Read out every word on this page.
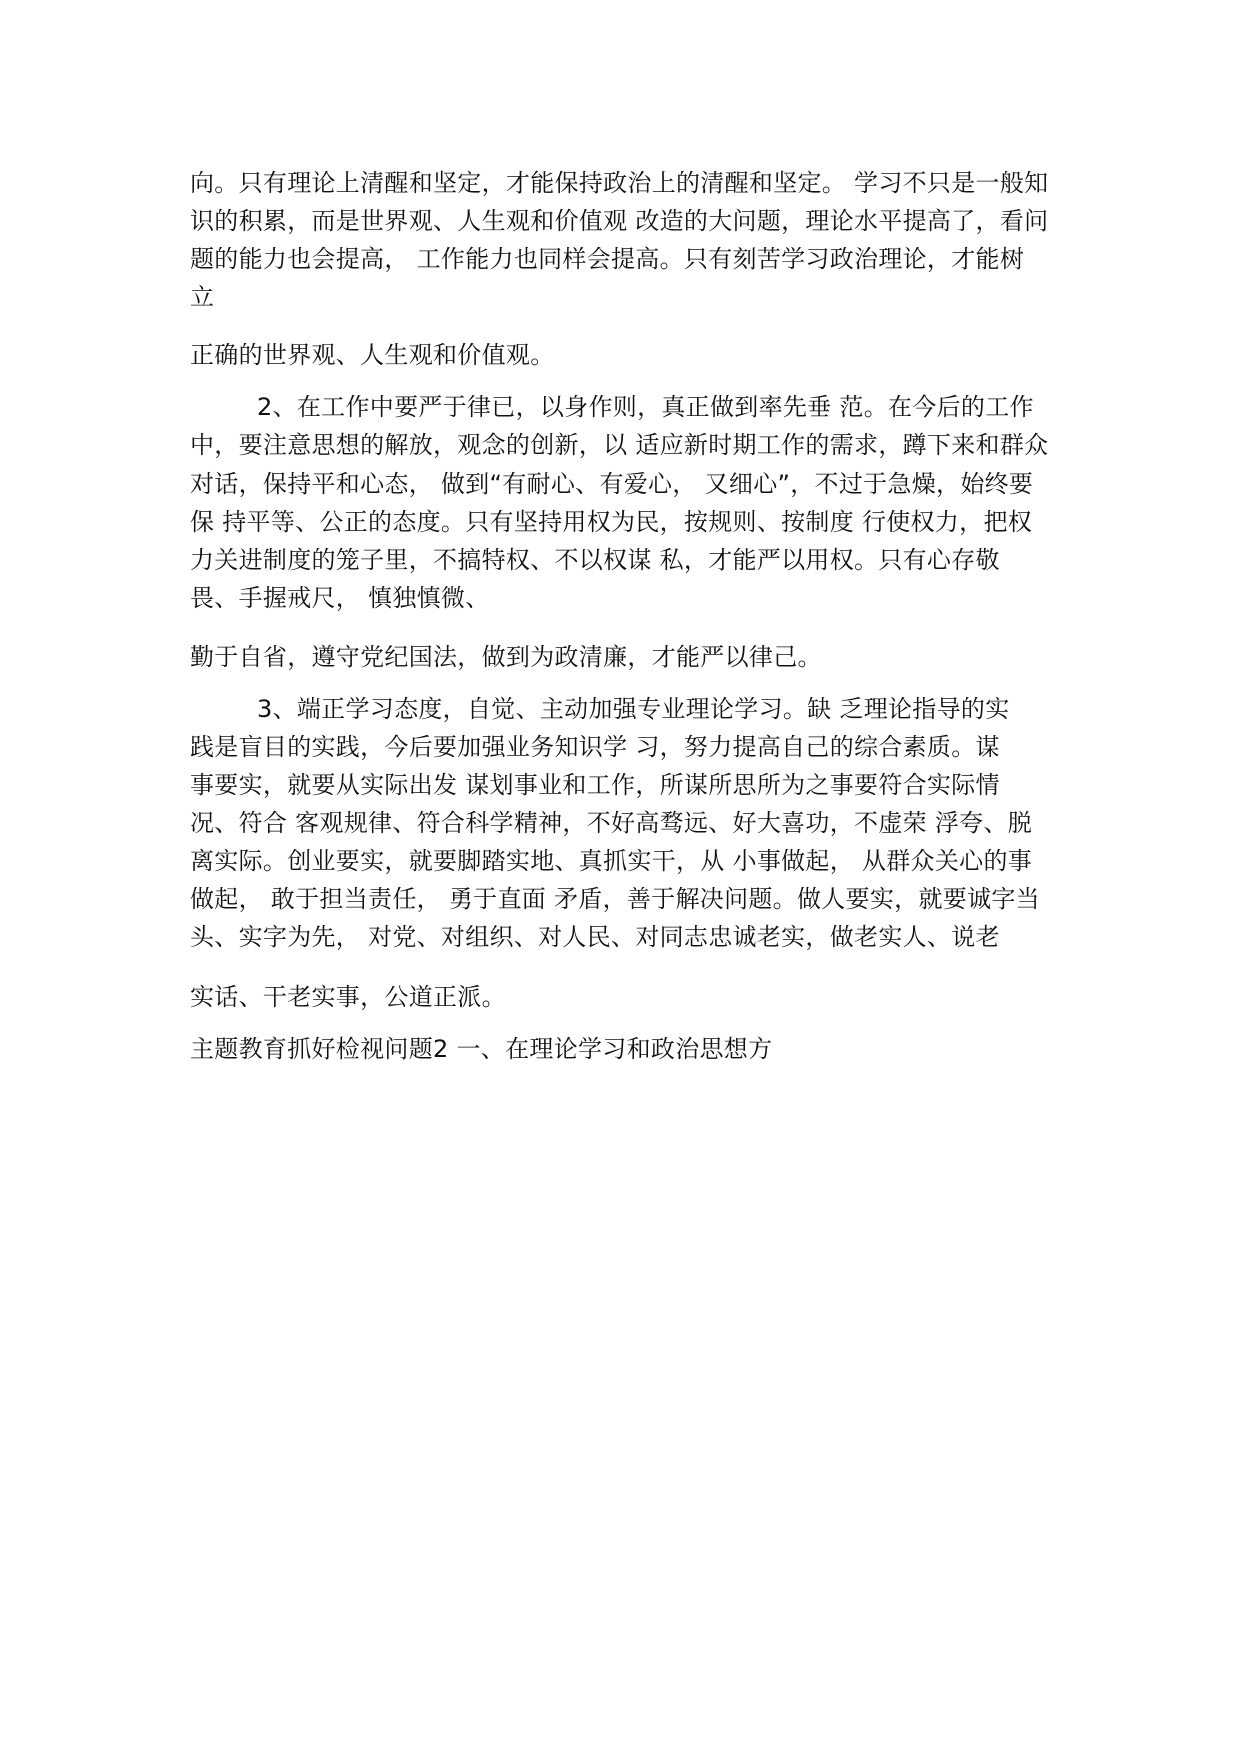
向。只有理论上清醒和坚定，才能保持政治上的清醒和坚定。 学习不只是一般知
识的积累，而是世界观、人生观和价值观 改造的大问题，理论水平提高了，看问
题的能力也会提高， 工作能力也同样会提高。只有刻苦学习政治理论，才能树
立
正确的世界观、人生观和价值观。
2、在工作中要严于律已，以身作则，真正做到率先垂 范。在今后的工作
中，要注意思想的解放，观念的创新，以 适应新时期工作的需求，蹲下来和群众
对话，保持平和心态， 做到“有耐心、有爱心， 又细心”，不过于急燥，始终要
保 持平等、公正的态度。只有坚持用权为民，按规则、按制度 行使权力，把权
力关进制度的笼子里，不搞特权、不以权谋 私，才能严以用权。只有心存敬
畏、手握戒尺， 慎独慎微、
勤于自省，遵守党纪国法，做到为政清廉，才能严以律己。
3、端正学习态度，自觉、主动加强专业理论学习。缺 乏理论指导的实
践是盲目的实践，今后要加强业务知识学 习，努力提高自己的综合素质。谋
事要实，就要从实际出发 谋划事业和工作，所谋所思所为之事要符合实际情
况、符合 客观规律、符合科学精神，不好高骛远、好大喜功，不虚荣 浮夸、脱
离实际。创业要实，就要脚踏实地、真抓实干，从 小事做起， 从群众关心的事
做起， 敢于担当责任， 勇于直面 矛盾，善于解决问题。做人要实，就要诚字当
头、实字为先， 对党、对组织、对人民、对同志忠诚老实，做老实人、说老
实话、干老实事，公道正派。
主题教育抓好检视问题2 一、在理论学习和政治思想方
